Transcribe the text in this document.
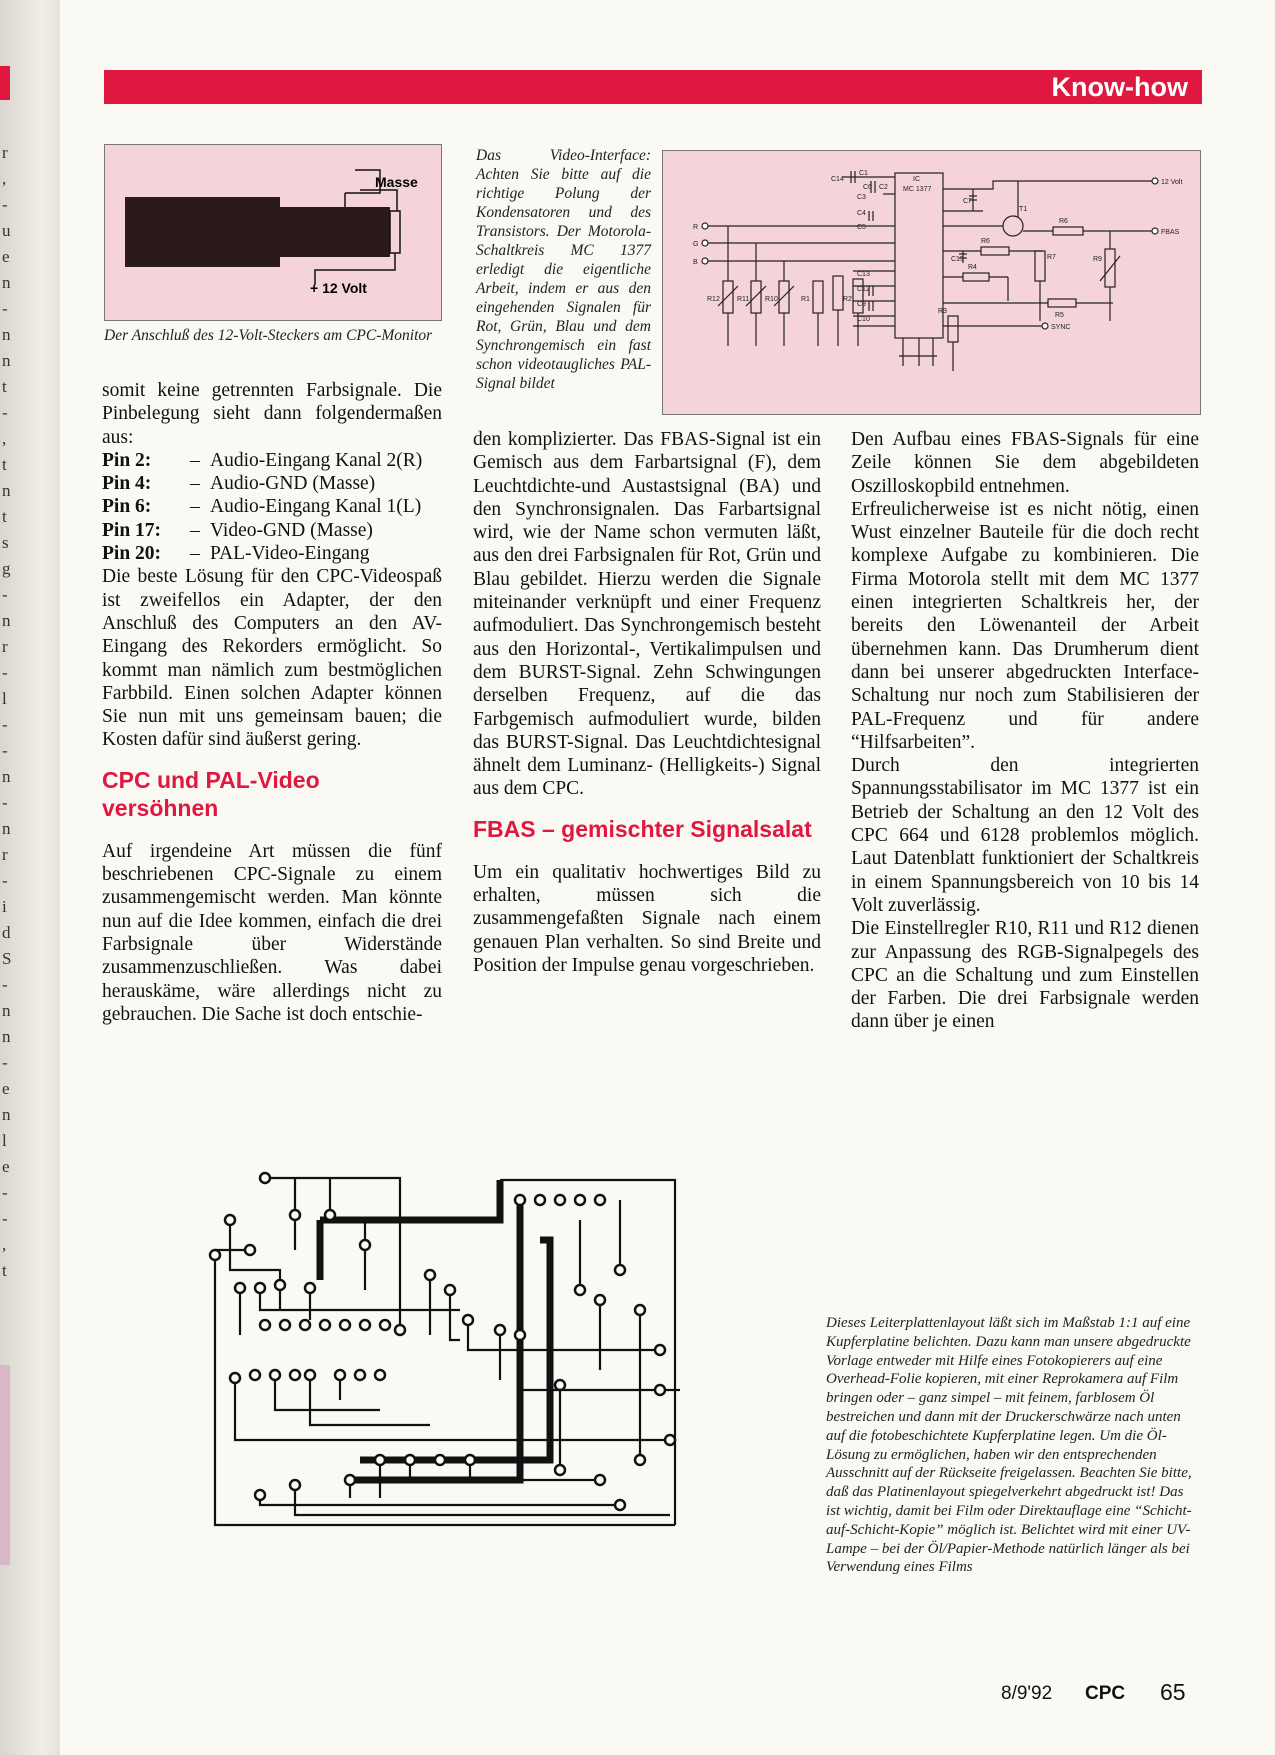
r
,
-
u
e
n
-
n
n
t
-
,
t
n
t
s
g
-
n
r
-
l
-
-
n
-
n
r
-
i
d
S
-
n
n
-
e
n
l
e
-
-
,
t
Know-how
Masse
+ 12 Volt
Der Anschluß des 12-Volt-Steckers am CPC-Monitor
Das Video-Interface: Achten Sie bitte auf die richtige Polung der Kondensatoren und des Transistors. Der Motorola-Schaltkreis MC 1377 erledigt die eigentliche Arbeit, indem er aus den eingehenden Signalen für Rot, Grün, Blau und dem Synchrongemisch ein fast schon videotaugliches PAL-Signal bildet
R
G
B
IC
MC 1377
12 Volt
FBAS
SYNC
C14
C1
C6 C2
C3
C4
C5
C13
C12
C9
C10
C7
C15
T1
R6
R6
R7	R9
R4
R5
R3
R12 R11 R10	R1	R2

somit keine getrennten Farbsignale. Die Pinbelegung sieht dann folgendermaßen aus:

Pin 2:	– Audio-Eingang Kanal 2(R)
Pin 4:	– Audio-GND (Masse)
Pin 6:	– Audio-Eingang Kanal 1(L)
Pin 17:	– Video-GND (Masse)
Pin 20:	– PAL-Video-Eingang

Die beste Lösung für den CPC-Videospaß ist zweifellos ein Adapter, der den Anschluß des Computers an den AV-Eingang des Rekorders ermöglicht. So kommt man nämlich zum bestmöglichen Farbbild. Einen solchen Adapter können Sie nun mit uns gemeinsam bauen; die Kosten dafür sind äußerst gering.

CPC und PAL-Video versöhnen

Auf irgendeine Art müssen die fünf beschriebenen CPC-Signale zu einem zusammengemischt werden. Man könnte nun auf die Idee kommen, einfach die drei Farbsignale über Widerstände zusammenzuschließen. Was dabei herauskäme, wäre allerdings nicht zu gebrauchen. Die Sache ist doch entschie-

den komplizierter. Das FBAS-Signal ist ein Gemisch aus dem Farbartsignal (F), dem Leuchtdichte-und Austastsignal (BA) und den Synchronsignalen. Das Farbartsignal wird, wie der Name schon vermuten läßt, aus den drei Farbsignalen für Rot, Grün und Blau gebildet. Hierzu werden die Signale miteinander verknüpft und einer Frequenz aufmoduliert. Das Synchrongemisch besteht aus den Horizontal-, Vertikalimpulsen und dem BURST-Signal. Zehn Schwingungen derselben Frequenz, auf die das Farbgemisch aufmoduliert wurde, bilden das BURST-Signal. Das Leuchtdichtesignal ähnelt dem Luminanz- (Helligkeits-) Signal aus dem CPC.

FBAS – gemischter Signalsalat

Um ein qualitativ hochwertiges Bild zu erhalten, müssen sich die zusammengefaßten Signale nach einem genauen Plan verhalten. So sind Breite und Position der Impulse genau vorgeschrieben.

Den Aufbau eines FBAS-Signals für eine Zeile können Sie dem abgebildeten Oszilloskopbild entnehmen.

Erfreulicherweise ist es nicht nötig, einen Wust einzelner Bauteile für die doch recht komplexe Aufgabe zu kombinieren. Die Firma Motorola stellt mit dem MC 1377 einen integrierten Schaltkreis her, der bereits den Löwenanteil der Arbeit übernehmen kann. Das Drumherum dient dann bei unserer abgedruckten Interface-Schaltung nur noch zum Stabilisieren der PAL-Frequenz und für andere “Hilfsarbeiten”.

Durch den integrierten Spannungsstabilisator im MC 1377 ist ein Betrieb der Schaltung an den 12 Volt des CPC 664 und 6128 problemlos möglich. Laut Datenblatt funktioniert der Schaltkreis in einem Spannungsbereich von 10 bis 14 Volt zuverlässig.

Die Einstellregler R10, R11 und R12 dienen zur Anpassung des RGB-Signalpegels des CPC an die Schaltung und zum Einstellen der Farben. Die drei Farbsignale werden dann über je einen

Dieses Leiterplattenlayout läßt sich im Maßstab 1:1 auf eine Kupferplatine belichten. Dazu kann man unsere abgedruckte Vorlage entweder mit Hilfe eines Fotokopierers auf eine Overhead-Folie kopieren, mit einer Reprokamera auf Film bringen oder – ganz simpel – mit feinem, farblosem Öl bestreichen und dann mit der Druckerschwärze nach unten auf die fotobeschichtete Kupferplatine legen. Um die Öl-Lösung zu ermöglichen, haben wir den entsprechenden Ausschnitt auf der Rückseite freigelassen. Beachten Sie bitte, daß das Platinenlayout spiegelverkehrt abgedruckt ist! Das ist wichtig, damit bei Film oder Direktauflage eine “Schicht-auf-Schicht-Kopie” möglich ist. Belichtet wird mit einer UV-Lampe – bei der Öl/Papier-Methode natürlich länger als bei Verwendung eines Films
8/9'92 CPC 65
